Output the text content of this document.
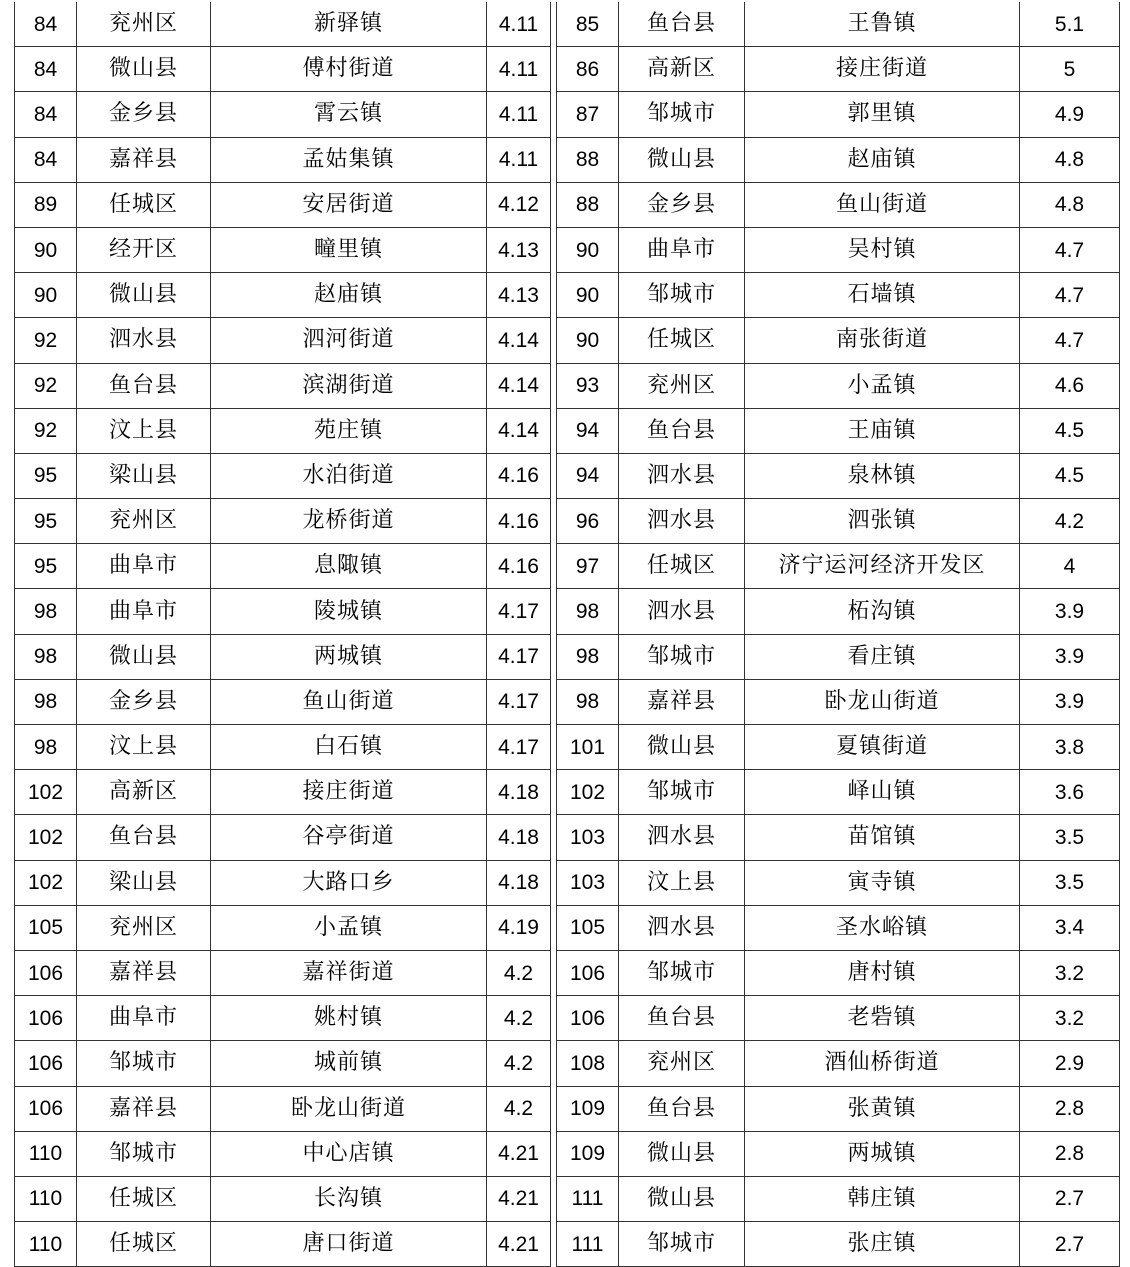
84	兖州区	新驿镇	4.11
84	微山县	傅村街道	4.11
84	金乡县	霄云镇	4.11
84	嘉祥县	孟姑集镇	4.11
89	任城区	安居街道	4.12
90	经开区	疃里镇	4.13
90	微山县	赵庙镇	4.13
92	泗水县	泗河街道	4.14
92	鱼台县	滨湖街道	4.14
92	汶上县	苑庄镇	4.14
95	梁山县	水泊街道	4.16
95	兖州区	龙桥街道	4.16
95	曲阜市	息陬镇	4.16
98	曲阜市	陵城镇	4.17
98	微山县	两城镇	4.17
98	金乡县	鱼山街道	4.17
98	汶上县	白石镇	4.17
102	高新区	接庄街道	4.18
102	鱼台县	谷亭街道	4.18
102	梁山县	大路口乡	4.18
105	兖州区	小孟镇	4.19
106	嘉祥县	嘉祥街道	4.2
106	曲阜市	姚村镇	4.2
106	邹城市	城前镇	4.2
106	嘉祥县	卧龙山街道	4.2
110	邹城市	中心店镇	4.21
110	任城区	长沟镇	4.21
110	任城区	唐口街道	4.21
85	鱼台县	王鲁镇	5.1
86	高新区	接庄街道	5
87	邹城市	郭里镇	4.9
88	微山县	赵庙镇	4.8
88	金乡县	鱼山街道	4.8
90	曲阜市	吴村镇	4.7
90	邹城市	石墙镇	4.7
90	任城区	南张街道	4.7
93	兖州区	小孟镇	4.6
94	鱼台县	王庙镇	4.5
94	泗水县	泉林镇	4.5
96	泗水县	泗张镇	4.2
97	任城区	济宁运河经济开发区	4
98	泗水县	柘沟镇	3.9
98	邹城市	看庄镇	3.9
98	嘉祥县	卧龙山街道	3.9
101	微山县	夏镇街道	3.8
102	邹城市	峄山镇	3.6
103	泗水县	苗馆镇	3.5
103	汶上县	寅寺镇	3.5
105	泗水县	圣水峪镇	3.4
106	邹城市	唐村镇	3.2
106	鱼台县	老砦镇	3.2
108	兖州区	酒仙桥街道	2.9
109	鱼台县	张黄镇	2.8
109	微山县	两城镇	2.8
111	微山县	韩庄镇	2.7
111	邹城市	张庄镇	2.7
